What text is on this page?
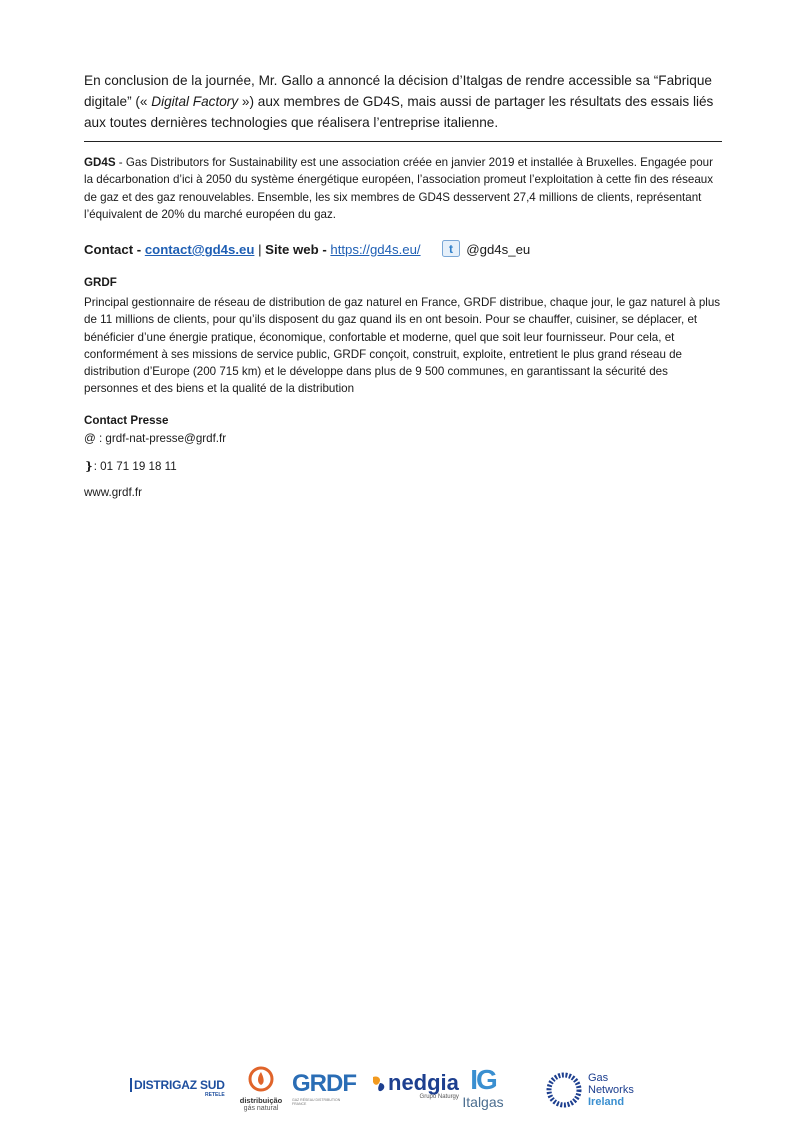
En conclusion de la journée, Mr. Gallo a annoncé la décision d’Italgas de rendre accessible sa “Fabrique digitale” (« Digital Factory ») aux membres de GD4S, mais aussi de partager les résultats des essais liés aux toutes dernières technologies que réalisera l’entreprise italienne.

GD4S - Gas Distributors for Sustainability est une association créée en janvier 2019 et installée à Bruxelles. Engagée pour la décarbonation d’ici à 2050 du système énergétique européen, l’association promeut l’exploitation à cette fin des réseaux de gaz et des gaz renouvelables. Ensemble, les six membres de GD4S desservent 27,4 millions de clients, représentant l’équivalent de 20% du marché européen du gaz.

Contact - contact@gd4s.eu | Site web - https://gd4s.eu/ t @gd4s_eu
GRDF

Principal gestionnaire de réseau de distribution de gaz naturel en France, GRDF distribue, chaque jour, le gaz naturel à plus de 11 millions de clients, pour qu’ils disposent du gaz quand ils en ont besoin. Pour se chauffer, cuisiner, se déplacer, et bénéficier d’une énergie pratique, économique, confortable et moderne, quel que soit leur fournisseur. Pour cela, et conformément à ses missions de service public, GRDF conçoit, construit, exploite, entretient le plus grand réseau de distribution d’Europe (200 715 km) et le développe dans plus de 9 500 communes, en garantissant la sécurité des personnes et des biens et la qualité de la distribution

Contact Presse
@ : grdf-nat-presse@grdf.fr
❵: 01 71 19 18 11
www.grdf.fr
DISTRIGAZ SUD
RETELE
distribuição
gás natural
GRDF
GAZ RÉSEAU DISTRIBUTION FRANCE
nedgia
Grupo Naturgy
IG
Italgas
Gas
Networks
Ireland
